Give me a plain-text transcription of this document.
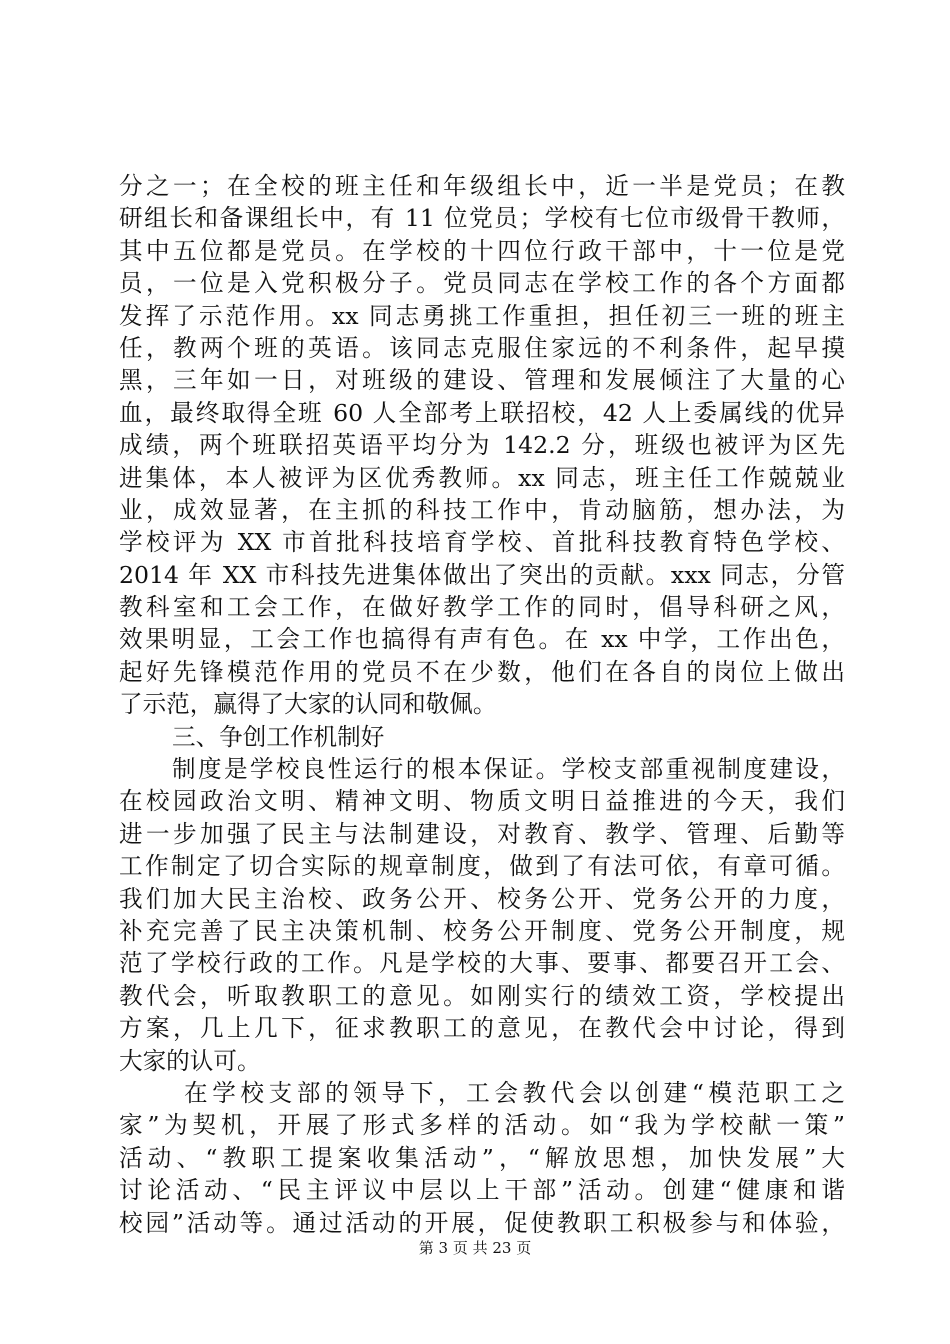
分之一；在全校的班主任和年级组长中，近一半是党员；在教
研组长和备课组长中，有 11 位党员；学校有七位市级骨干教师，
其中五位都是党员。在学校的十四位行政干部中，十一位是党
员，一位是入党积极分子。党员同志在学校工作的各个方面都
发挥了示范作用。xx 同志勇挑工作重担，担任初三一班的班主
任，教两个班的英语。该同志克服住家远的不利条件，起早摸
黑，三年如一日，对班级的建设、管理和发展倾注了大量的心
血，最终取得全班 60 人全部考上联招校，42 人上委属线的优异
成绩，两个班联招英语平均分为 142.2 分，班级也被评为区先
进集体，本人被评为区优秀教师。xx 同志，班主任工作兢兢业
业，成效显著，在主抓的科技工作中，肯动脑筋，想办法，为
学校评为 XX 市首批科技培育学校、首批科技教育特色学校、
2014 年 XX 市科技先进集体做出了突出的贡献。xxx 同志，分管
教科室和工会工作，在做好教学工作的同时，倡导科研之风，
效果明显，工会工作也搞得有声有色。在 xx 中学，工作出色，
起好先锋模范作用的党员不在少数，他们在各自的岗位上做出
了示范，赢得了大家的认同和敬佩。
三、争创工作机制好
制度是学校良性运行的根本保证。学校支部重视制度建设，
在校园政治文明、精神文明、物质文明日益推进的今天，我们
进一步加强了民主与法制建设，对教育、教学、管理、后勤等
工作制定了切合实际的规章制度，做到了有法可依，有章可循。
我们加大民主治校、政务公开、校务公开、党务公开的力度，
补充完善了民主决策机制、校务公开制度、党务公开制度，规
范了学校行政的工作。凡是学校的大事、要事、都要召开工会、
教代会，听取教职工的意见。如刚实行的绩效工资，学校提出
方案，几上几下，征求教职工的意见，在教代会中讨论，得到
大家的认可。
在学校支部的领导下，工会教代会以创建“模范职工之
家”为契机，开展了形式多样的活动。如“我为学校献一策”
活动、“教职工提案收集活动”，“解放思想，加快发展”大
讨论活动、“民主评议中层以上干部”活动。创建“健康和谐
校园”活动等。通过活动的开展，促使教职工积极参与和体验，
第 3 页 共 23 页
